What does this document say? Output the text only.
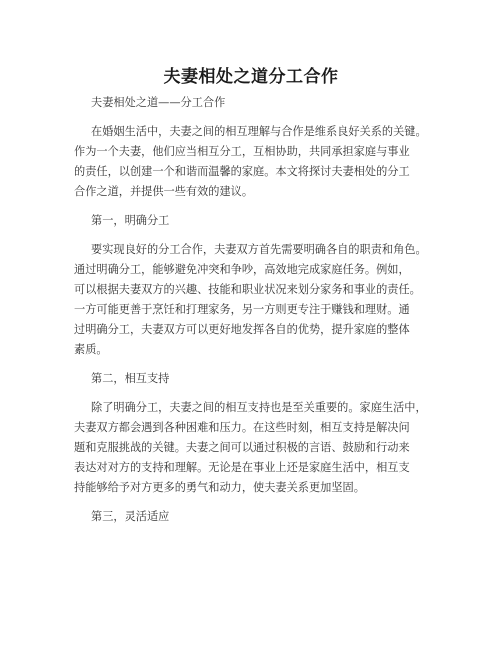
夫妻相处之道分工合作
夫妻相处之道——分工合作
在婚姻生活中，夫妻之间的相互理解与合作是维系良好关系的关键。
作为一个夫妻，他们应当相互分工，互相协助，共同承担家庭与事业
的责任，以创建一个和谐而温馨的家庭。本文将探讨夫妻相处的分工
合作之道，并提供一些有效的建议。
第一，明确分工
要实现良好的分工合作，夫妻双方首先需要明确各自的职责和角色。
通过明确分工，能够避免冲突和争吵，高效地完成家庭任务。例如，
可以根据夫妻双方的兴趣、技能和职业状况来划分家务和事业的责任。
一方可能更善于烹饪和打理家务，另一方则更专注于赚钱和理财。通
过明确分工，夫妻双方可以更好地发挥各自的优势，提升家庭的整体
素质。
第二，相互支持
除了明确分工，夫妻之间的相互支持也是至关重要的。家庭生活中，
夫妻双方都会遇到各种困难和压力。在这些时刻，相互支持是解决问
题和克服挑战的关键。夫妻之间可以通过积极的言语、鼓励和行动来
表达对对方的支持和理解。无论是在事业上还是家庭生活中，相互支
持能够给予对方更多的勇气和动力，使夫妻关系更加坚固。
第三，灵活适应
